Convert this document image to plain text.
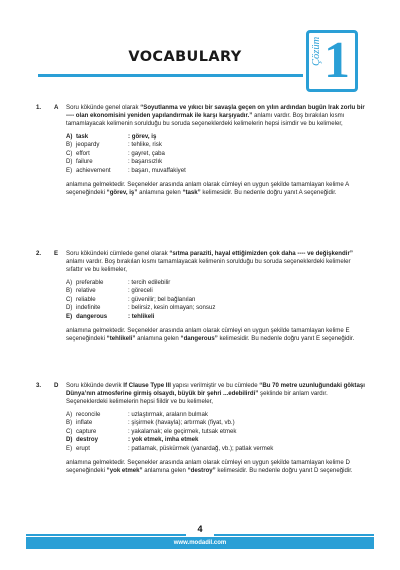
VOCABULARY	Çözüm 1
1.	A	Soru kökünde genel olarak “Soyutlanma ve yıkıcı bir savaşla geçen on yılın ardından bugün Irak zorlu bir ---- olan ekonomisini yeniden yapılandırmak ile karşı karşıyadır.” anlamı vardır. Boş bırakılan kısmı tamamlayacak kelimenin sorulduğu bu soruda seçeneklerdeki kelimelerin hepsi isimdir ve bu kelimeler,
A) task	: görev, iş
B) jeopardy	: tehlike, risk
C) effort	: gayret, çaba
D) failure	: başarısızlık
E) achievement	: başarı, muvaffakiyet
anlamına gelmektedir. Seçenekler arasında anlam olarak cümleyi en uygun şekilde tamamlayan kelime A seçeneğindeki “görev, iş” anlamına gelen “task” kelimesidir. Bu nedenle doğru yanıt A seçeneğidir.
2.	E	Soru kökündeki cümlede genel olarak “sıtma paraziti, hayal ettiğimizden çok daha ---- ve değişkendir” anlamı vardır. Boş bırakılan kısmı tamamlayacak kelimenin sorulduğu bu soruda seçeneklerdeki kelimeler sıfattır ve bu kelimeler,
A) preferable	: tercih edilebilir
B) relative	: göreceli
C) reliable	: güvenilir; bel bağlanılan
D) indefinite	: belirsiz, kesin olmayan; sonsuz
E) dangerous	: tehlikeli
anlamına gelmektedir. Seçenekler arasında anlam olarak cümleyi en uygun şekilde tamamlayan kelime E seçeneğindeki “tehlikeli” anlamına gelen “dangerous” kelimesidir. Bu nedenle doğru yanıt E seçeneğidir.
3.	D	Soru kökünde devrik If Clause Type III yapısı verilmiştir ve bu cümlede “Bu 70 metre uzunluğundaki göktaşı Dünya’nın atmosferine girmiş olsaydı, büyük bir şehri ...edebilirdi” şeklinde bir anlam vardır. Seçeneklerdeki kelimelerin hepsi fiildir ve bu kelimeler,
A) reconcile	: uzlaştırmak, araların bulmak
B) inflate	: şişirmek (havayla); artırmak (fiyat, vb.)
C) capture	: yakalamak; ele geçirmek, tutsak etmek
D) destroy	: yok etmek, imha etmek
E) erupt	: patlamak, püskürmek (yanardağ, vb.); patlak vermek
anlamına gelmektedir. Seçenekler arasında anlam olarak cümleyi en uygun şekilde tamamlayan kelime D seçeneğindeki “yok etmek” anlamına gelen “destroy” kelimesidir. Bu nedenle doğru yanıt D seçeneğidir.
4
www.modadil.com
